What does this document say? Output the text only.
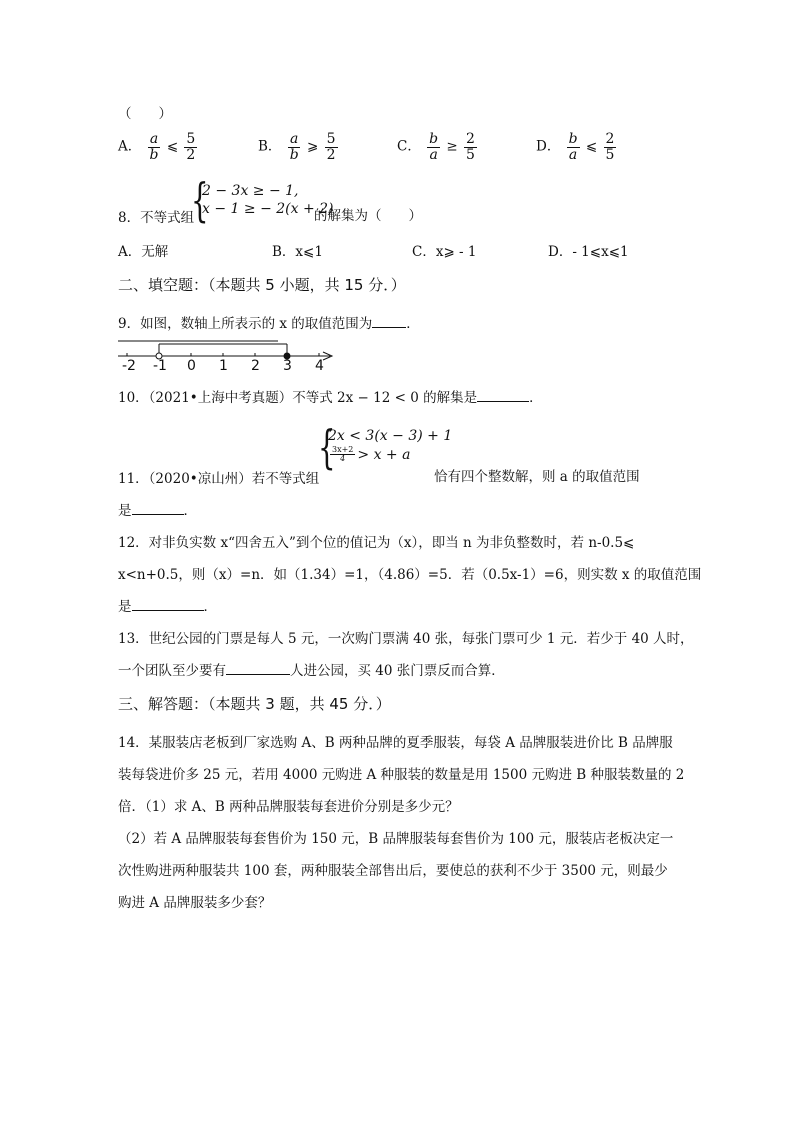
（　　）
A． $\frac{a}{b}$ ⩽ $\frac{5}{2}$	B． $\frac{a}{b}$ ⩾ $\frac{5}{2}$	C． $\frac{b}{a} \ge \frac{2}{5}$	D． $\frac{b}{a}$ ⩽ $\frac{2}{5}$
{
2 − 3x ≥ − 1,
x − 1 ≥ − 2(x + 2)
8．不等式组	的解集为（　　）
A．无解	B．x⩽1	C．x⩾ - 1	D．- 1⩽x⩽1
二、填空题：（本题共 5 小题，共 15 分．）
9．如图，数轴上所表示的 x 的取值范围为	．
-2 -1 0 1 2 3 4
10．（2021•上海中考真题）不等式 2x − 12 < 0 的解集是	．
{
2x < 3(x − 3) + 1
$\frac{3x+2}{4} > x + a$
11．（2020•凉山州）若不等式组	恰有四个整数解，则 a 的取值范围
是	．
12．对非负实数 x“四舍五入”到个位的值记为（x），即当 n 为非负整数时，若 n-0.5⩽
x<n+0.5，则（x）=n．如（1.34）=1，（4.86）=5．若（0.5x-1）=6，则实数 x 的取值范围
是	．
13．世纪公园的门票是每人 5 元，一次购门票满 40 张，每张门票可少 1 元．若少于 40 人时，
一个团队至少要有	人进公园，买 40 张门票反而合算．
三、解答题：（本题共 3 题，共 45 分．）
14．某服装店老板到厂家选购 A、B 两种品牌的夏季服装，每袋 A 品牌服装进价比 B 品牌服
装每袋进价多 25 元，若用 4000 元购进 A 种服装的数量是用 1500 元购进 B 种服装数量的 2
倍．（1）求 A、B 两种品牌服装每套进价分别是多少元？
（2）若 A 品牌服装每套售价为 150 元，B 品牌服装每套售价为 100 元，服装店老板决定一
次性购进两种服装共 100 套，两种服装全部售出后，要使总的获利不少于 3500 元，则最少
购进 A 品牌服装多少套？
